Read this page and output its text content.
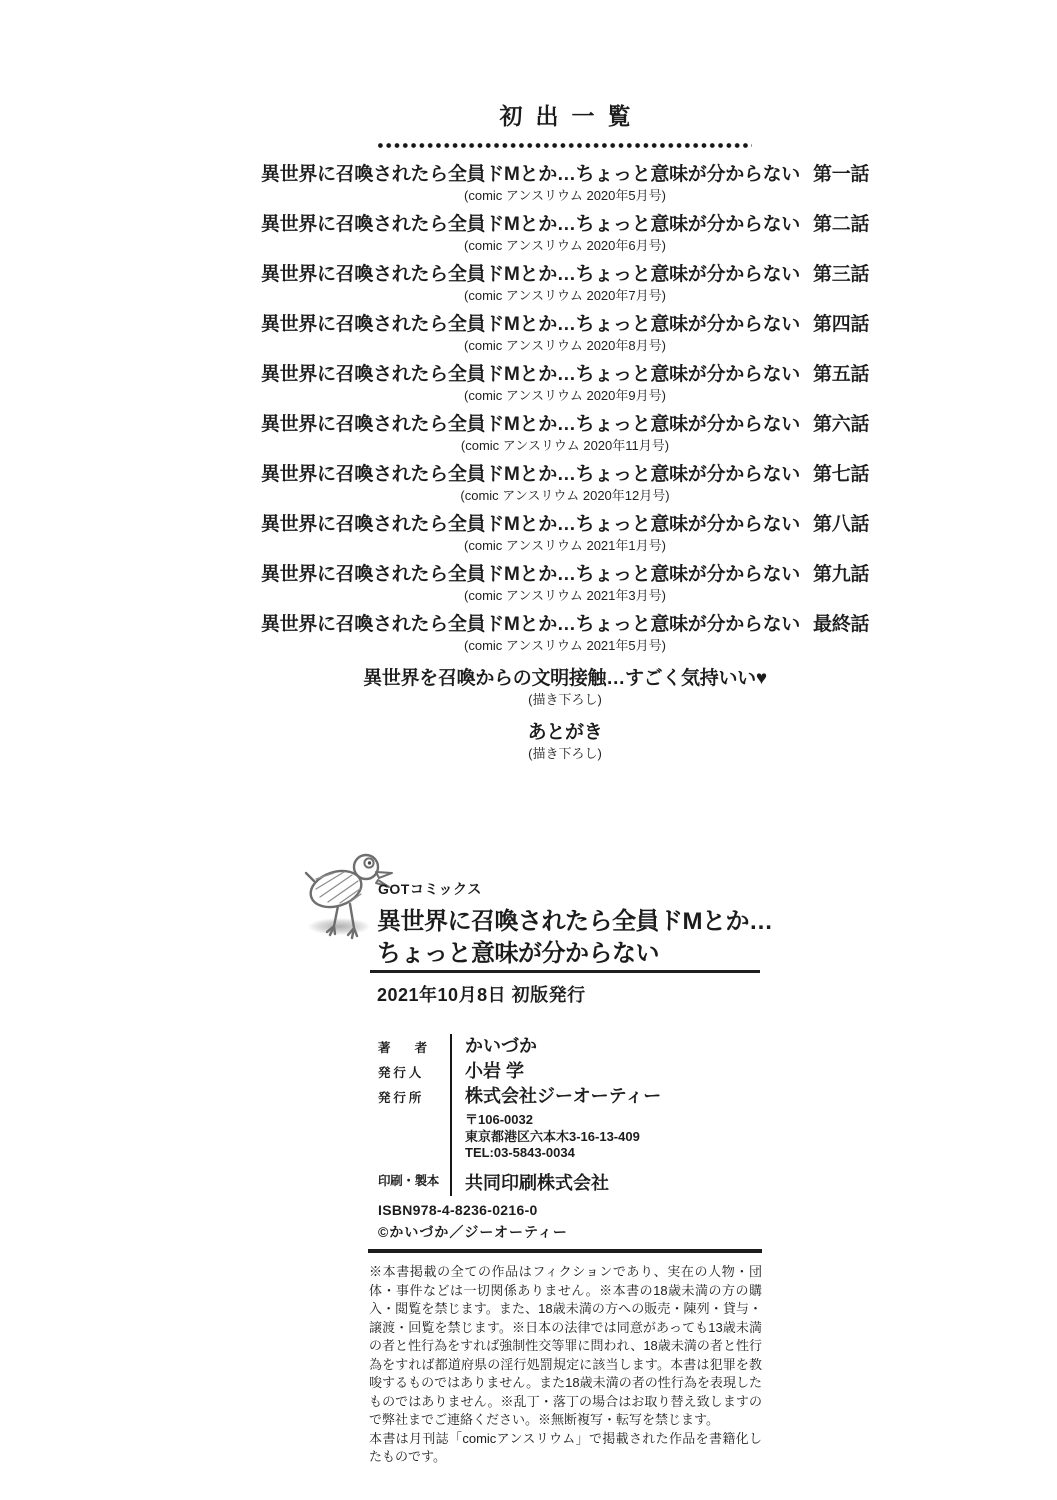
初出一覧
異世界に召喚されたら全員ドMとか…ちょっと意味が分からない 第一話
(comic アンスリウム 2020年5月号)
異世界に召喚されたら全員ドMとか…ちょっと意味が分からない 第二話
(comic アンスリウム 2020年6月号)
異世界に召喚されたら全員ドMとか…ちょっと意味が分からない 第三話
(comic アンスリウム 2020年7月号)
異世界に召喚されたら全員ドMとか…ちょっと意味が分からない 第四話
(comic アンスリウム 2020年8月号)
異世界に召喚されたら全員ドMとか…ちょっと意味が分からない 第五話
(comic アンスリウム 2020年9月号)
異世界に召喚されたら全員ドMとか…ちょっと意味が分からない 第六話
(comic アンスリウム 2020年11月号)
異世界に召喚されたら全員ドMとか…ちょっと意味が分からない 第七話
(comic アンスリウム 2020年12月号)
異世界に召喚されたら全員ドMとか…ちょっと意味が分からない 第八話
(comic アンスリウム 2021年1月号)
異世界に召喚されたら全員ドMとか…ちょっと意味が分からない 第九話
(comic アンスリウム 2021年3月号)
異世界に召喚されたら全員ドMとか…ちょっと意味が分からない 最終話
(comic アンスリウム 2021年5月号)
異世界を召喚からの文明接触…すごく気持いい♥
(描き下ろし)
あとがき
(描き下ろし)
GOTコミックス
異世界に召喚されたら全員ドMとか…
ちょっと意味が分からない
2021年10月8日 初版発行
著　　者	かいづか
発 行 人	小岩 学
発 行 所	株式会社ジーオーティー
〒106-0032
東京都港区六本木3-16-13-409
TEL:03-5843-0034
印刷・製本	共同印刷株式会社
ISBN978-4-8236-0216-0
©かいづか／ジーオーティー

※本書掲載の全ての作品はフィクションであり、実在の人物・団体・事件などは一切関係ありません。※本書の18歳未満の方の購入・閲覧を禁じます。また、18歳未満の方への販売・陳列・貸与・譲渡・回覧を禁じます。※日本の法律では同意があっても13歳未満の者と性行為をすれば強制性交等罪に問われ、18歳未満の者と性行為をすれば都道府県の淫行処罰規定に該当します。本書は犯罪を教唆するものではありません。また18歳未満の者の性行為を表現したものではありません。※乱丁・落丁の場合はお取り替え致しますので弊社までご連絡ください。※無断複写・転写を禁じます。

本書は月刊誌「comicアンスリウム」で掲載された作品を書籍化したものです。
